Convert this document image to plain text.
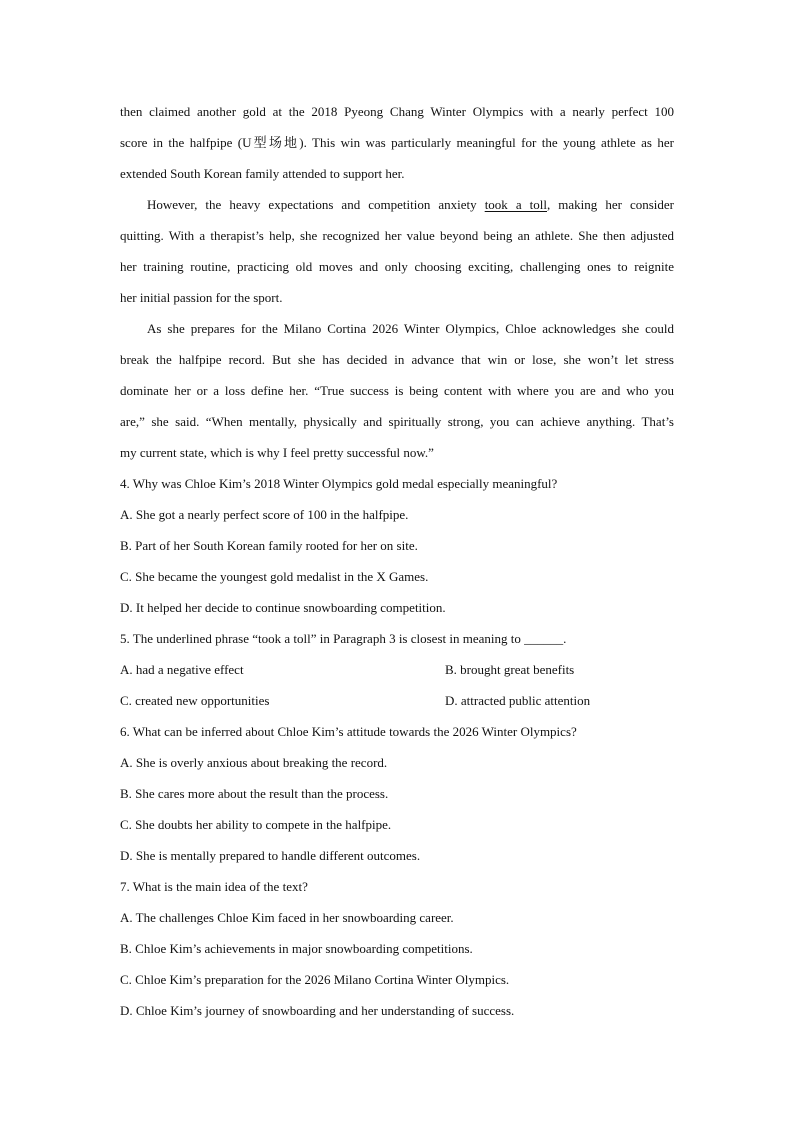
then claimed another gold at the 2018 Pyeong Chang Winter Olympics with a nearly perfect 100
score in the halfpipe (U型场地). This win was particularly meaningful for the young athlete as her
extended South Korean family attended to support her.
However, the heavy expectations and competition anxiety took a toll, making her consider
quitting. With a therapist’s help, she recognized her value beyond being an athlete. She then adjusted
her training routine, practicing old moves and only choosing exciting, challenging ones to reignite
her initial passion for the sport.
As she prepares for the Milano Cortina 2026 Winter Olympics, Chloe acknowledges she could
break the halfpipe record. But she has decided in advance that win or lose, she won’t let stress
dominate her or a loss define her. “True success is being content with where you are and who you
are,” she said. “When mentally, physically and spiritually strong, you can achieve anything. That’s
my current state, which is why I feel pretty successful now.”
4. Why was Chloe Kim’s 2018 Winter Olympics gold medal especially meaningful?
A. She got a nearly perfect score of 100 in the halfpipe.
B. Part of her South Korean family rooted for her on site.
C. She became the youngest gold medalist in the X Games.
D. It helped her decide to continue snowboarding competition.
5. The underlined phrase “took a toll” in Paragraph 3 is closest in meaning to ______.
A. had a negative effect	B. brought great benefits
C. created new opportunities	D. attracted public attention
6. What can be inferred about Chloe Kim’s attitude towards the 2026 Winter Olympics?
A. She is overly anxious about breaking the record.
B. She cares more about the result than the process.
C. She doubts her ability to compete in the halfpipe.
D. She is mentally prepared to handle different outcomes.
7. What is the main idea of the text?
A. The challenges Chloe Kim faced in her snowboarding career.
B. Chloe Kim’s achievements in major snowboarding competitions.
C. Chloe Kim’s preparation for the 2026 Milano Cortina Winter Olympics.
D. Chloe Kim’s journey of snowboarding and her understanding of success.
